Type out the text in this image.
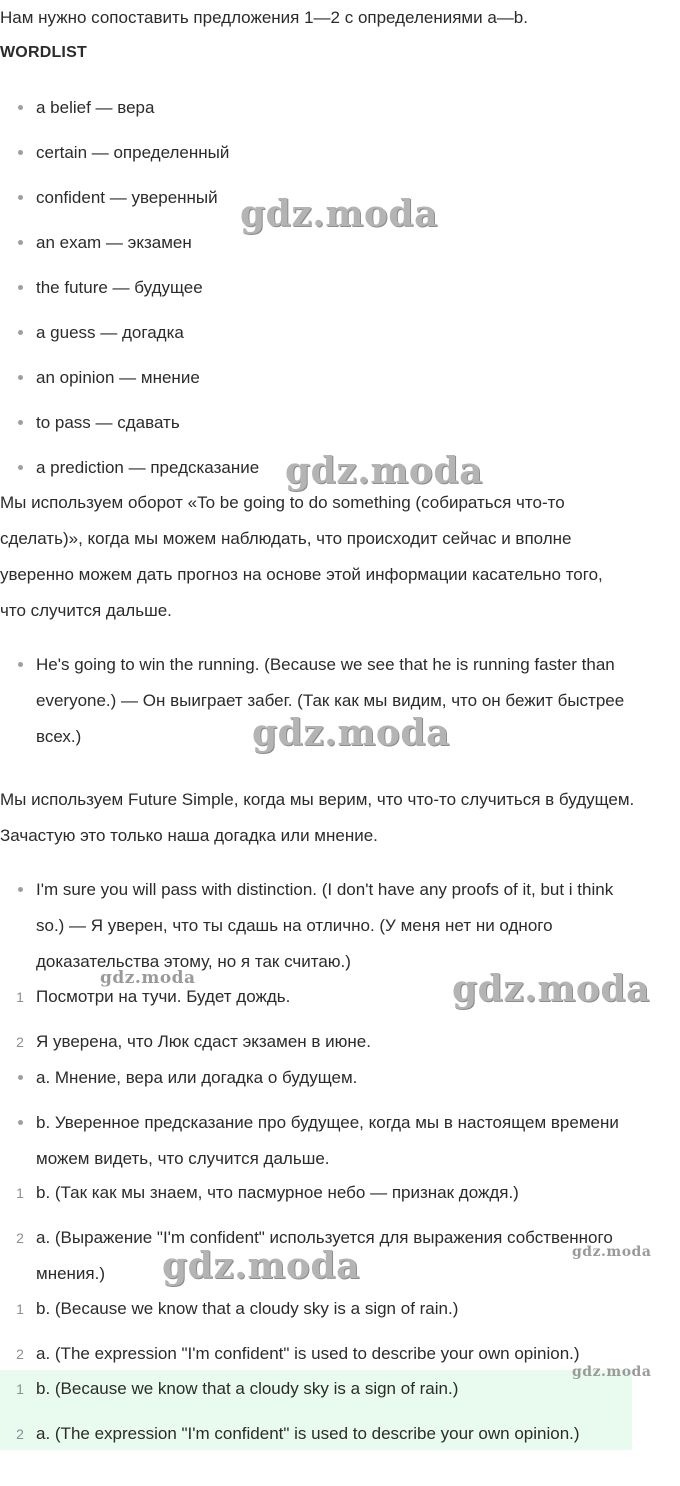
Нам нужно сопоставить предложения 1—2 с определениями a—b.
WORDLIST
a belief — вера
certain — определенный
confident — уверенный
an exam — экзамен
the future — будущее
a guess — догадка
an opinion — мнение
to pass — сдавать
a prediction — предсказание
Мы используем оборот «To be going to do something (собираться что-то
сделать)», когда мы можем наблюдать, что происходит сейчас и вполне
уверенно можем дать прогноз на основе этой информации касательно того,
что случится дальше.
He's going to win the running. (Because we see that he is running faster than
everyone.) — Он выиграет забег. (Так как мы видим, что он бежит быстрее
всех.)
Мы используем Future Simple, когда мы верим, что что-то случиться в будущем.
Зачастую это только наша догадка или мнение.
I'm sure you will pass with distinction. (I don't have any proofs of it, but i think
so.) — Я уверен, что ты сдашь на отлично. (У меня нет ни одного
доказательства этому, но я так считаю.)
1 Посмотри на тучи. Будет дождь.
2 Я уверена, что Люк сдаст экзамен в июне.
a. Мнение, вера или догадка о будущем.
b. Уверенное предсказание про будущее, когда мы в настоящем времени
можем видеть, что случится дальше.
1 b. (Так как мы знаем, что пасмурное небо — признак дождя.)
2 a. (Выражение "I'm confident" используется для выражения собственного
мнения.)
1 b. (Because we know that a cloudy sky is a sign of rain.)
2 a. (The expression "I'm confident" is used to describe your own opinion.)
1 b. (Because we know that a cloudy sky is a sign of rain.)
2 a. (The expression "I'm confident" is used to describe your own opinion.)
gdz.moda
gdz.moda
gdz.moda
gdz.moda
gdz.moda
gdz.moda	gdz.moda
gdz.moda
